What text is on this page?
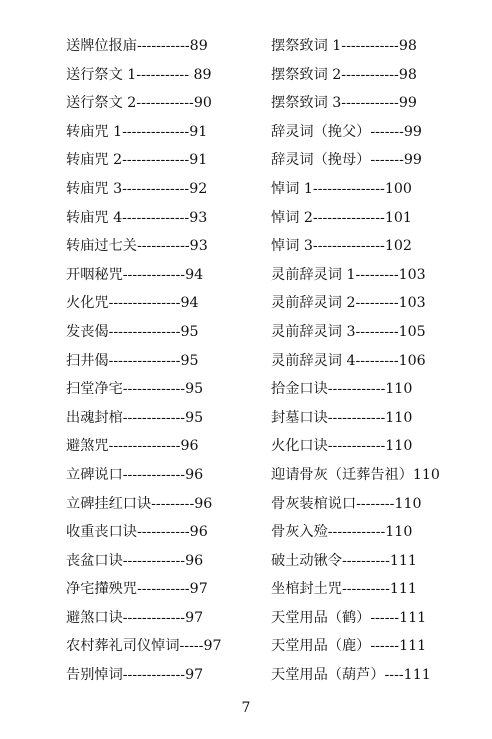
送牌位报庙-----------89
送行祭文 1----------- 89
送行祭文 2------------90
转庙咒 1--------------91
转庙咒 2--------------91
转庙咒 3--------------92
转庙咒 4--------------93
转庙过七关-----------93
开咽秘咒-------------94
火化咒---------------94
发丧偈---------------95
扫井偈---------------95
扫堂净宅-------------95
出魂封棺-------------95
避煞咒---------------96
立碑说口-------------96
立碑挂红口诀---------96
收重丧口诀-----------96
丧盆口诀-------------96
净宅攆殃咒-----------97
避煞口诀-------------97
农村葬礼司仪悼词-----97
告别悼词-------------97
摆祭致词 1------------98
摆祭致词 2------------98
摆祭致词 3------------99
辞灵词（挽父）-------99
辞灵词（挽母）-------99
悼词 1---------------100
悼词 2---------------101
悼词 3---------------102
灵前辞灵词 1---------103
灵前辞灵词 2---------103
灵前辞灵词 3---------105
灵前辞灵词 4---------106
拾金口诀------------110
封墓口诀------------110
火化口诀------------110
迎请骨灰（迁葬告祖）110
骨灰装棺说口--------110
骨灰入殓------------110
破土动锹令----------111
坐棺封土咒----------111
天堂用品（鹤）------111
天堂用品（鹿）------111
天堂用品（葫芦）----111
7
